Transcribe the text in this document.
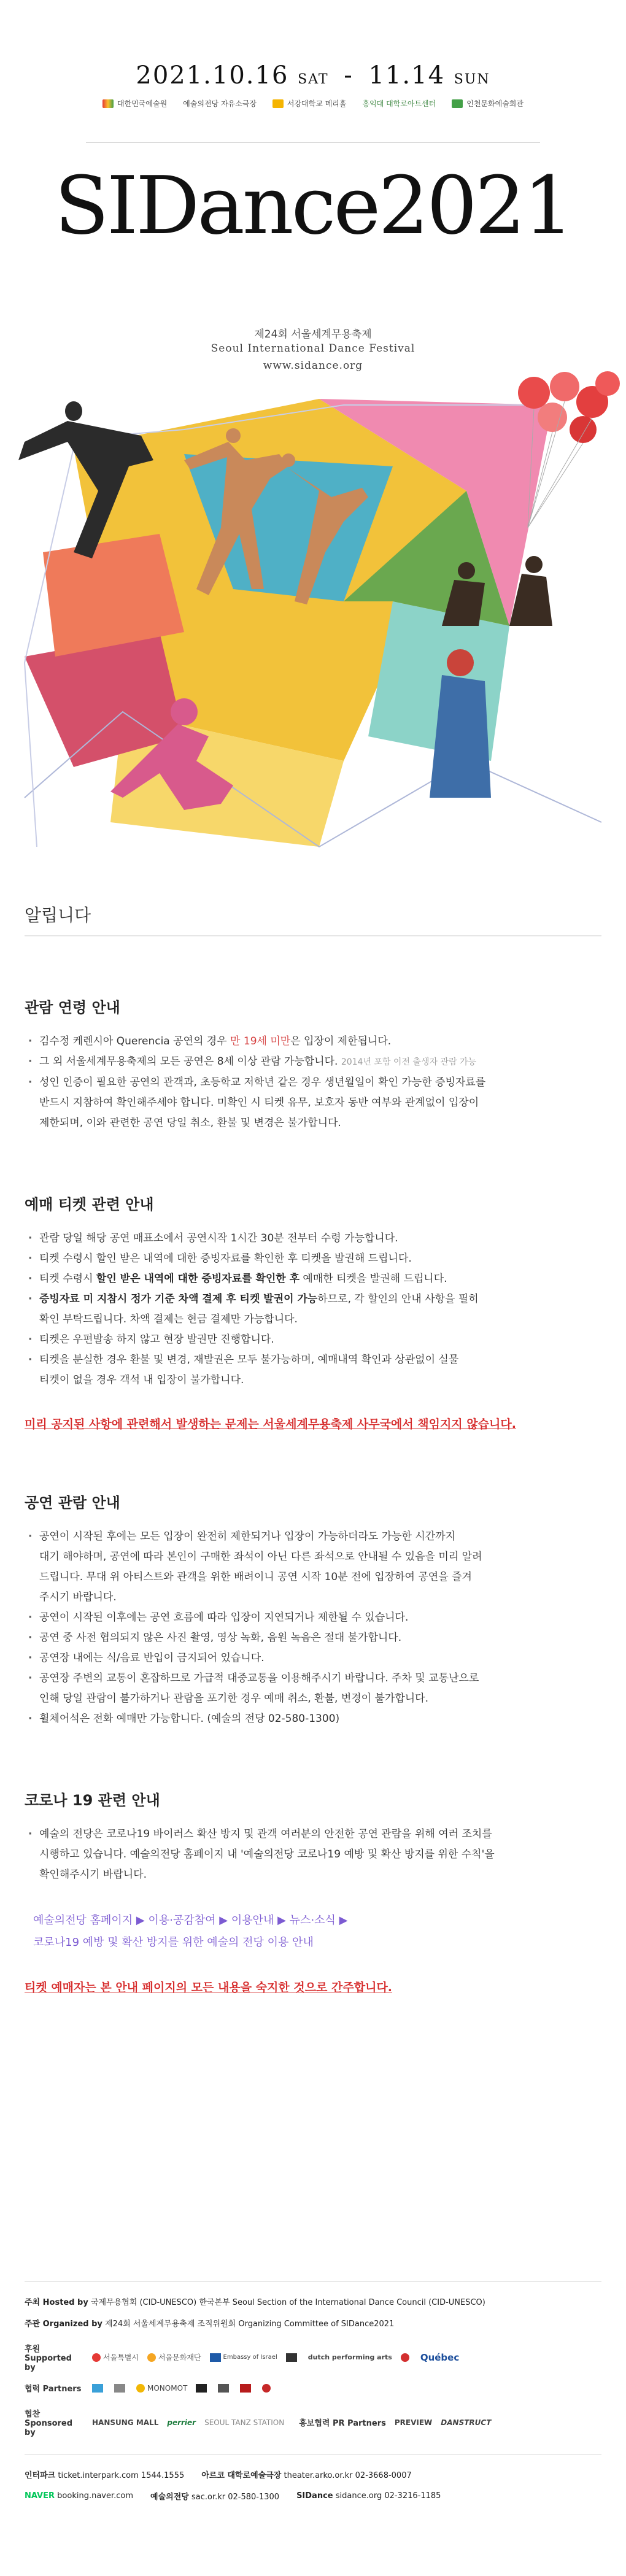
2021.10.16 SAT - 11.14 SUN
대한민국예술원 예술의전당 자유소극장	서강대학교 메리홀 홍익대 대학로아트센터	인천문화예술회관
SIDance2021
제24회 서울세계무용축제
Seoul International Dance Festival
www.sidance.org
알립니다
관람 연령 안내
· 김수정 케렌시아 Querencia 공연의 경우 만 19세 미만은 입장이 제한됩니다.
· 그 외 서울세계무용축제의 모든 공연은 8세 이상 관람 가능합니다. 2014년 포함 이전 출생자 관람 가능
· 성인 인증이 필요한 공연의 관객과, 초등학교 저학년 같은 경우 생년월일이 확인 가능한 증빙자료를
반드시 지참하여 확인해주세야 합니다. 미확인 시 티켓 유무, 보호자 동반 여부와 관계없이 입장이
제한되며, 이와 관련한 공연 당일 취소, 환불 및 변경은 불가합니다.
예매 티켓 관련 안내
· 관람 당일 해당 공연 매표소에서 공연시작 1시간 30분 전부터 수령 가능합니다.
· 티켓 수령시 할인 받은 내역에 대한 증빙자료를 확인한 후 티켓을 발권해 드립니다.
· 티켓 수령시 할인 받은 내역에 대한 증빙자료를 확인한 후 예매한 티켓을 발권해 드립니다.
· 증빙자료 미 지참시 정가 기준 차액 결제 후 티켓 발권이 가능하므로, 각 할인의 안내 사항을 필히
확인 부탁드립니다. 차액 결제는 현금 결제만 가능합니다.
· 티켓은 우편발송 하지 않고 현장 발권만 진행합니다.
· 티켓을 분실한 경우 환불 및 변경, 재발권은 모두 불가능하며, 예매내역 확인과 상관없이 실물
티켓이 없을 경우 객석 내 입장이 불가합니다.

미리 공지된 사항에 관련해서 발생하는 문제는 서울세계무용축제 사무국에서 책임지지 않습니다.

공연 관람 안내
· 공연이 시작된 후에는 모든 입장이 완전히 제한되거나 입장이 가능하더라도 가능한 시간까지
대기 해야하며, 공연에 따라 본인이 구매한 좌석이 아닌 다른 좌석으로 안내될 수 있음을 미리 알려
드립니다. 무대 위 아티스트와 관객을 위한 배려이니 공연 시작 10분 전에 입장하여 공연을 즐겨
주시기 바랍니다.
· 공연이 시작된 이후에는 공연 흐름에 따라 입장이 지연되거나 제한될 수 있습니다.
· 공연 중 사전 협의되지 않은 사진 촬영, 영상 녹화, 음원 녹음은 절대 불가합니다.
· 공연장 내에는 식/음료 반입이 금지되어 있습니다.
· 공연장 주변의 교통이 혼잡하므로 가급적 대중교통을 이용해주시기 바랍니다. 주차 및 교통난으로
인해 당일 관람이 불가하거나 관람을 포기한 경우 예매 취소, 환불, 변경이 불가합니다.
· 휠체어석은 전화 예매만 가능합니다. (예술의 전당 02-580-1300)
코로나 19 관련 안내
· 예술의 전당은 코로나19 바이러스 확산 방지 및 관객 여러분의 안전한 공연 관람을 위해 여러 조치를
시행하고 있습니다. 예술의전당 홈페이지 내 '예술의전당 코로나19 예방 및 확산 방지를 위한 수칙'을
확인해주시기 바랍니다.
예술의전당 홈페이지 ▶ 이용·공감참여 ▶ 이용안내 ▶ 뉴스·소식 ▶
코로나19 예방 및 확산 방지를 위한 예술의 전당 이용 안내

티켓 예매자는 본 안내 페이지의 모든 내용을 숙지한 것으로 간주합니다.

주최 Hosted by 국제무용협회 (CID-UNESCO) 한국본부 Seoul Section of the International Dance Council (CID-UNESCO)
주관 Organized by 제24회 서울세계무용축제 조직위원회 Organizing Committee of SIDance2021
후원 Supported by
서울특별시	서울문화재단	Embassy of Israel	dutch performing arts	Québec
협력 Partners	MONOMOT
협찬 Sponsored by
HANSUNG MALL perrier SEOUL TANZ STATION 홍보협력 PR Partners PREVIEW DANSTRUCT
인터파크 ticket.interpark.com 1544.1555 아르코 대학로예술극장 theater.arko.or.kr 02-3668-0007
NAVER booking.naver.com 예술의전당 sac.or.kr 02-580-1300 SIDance sidance.org 02-3216-1185
